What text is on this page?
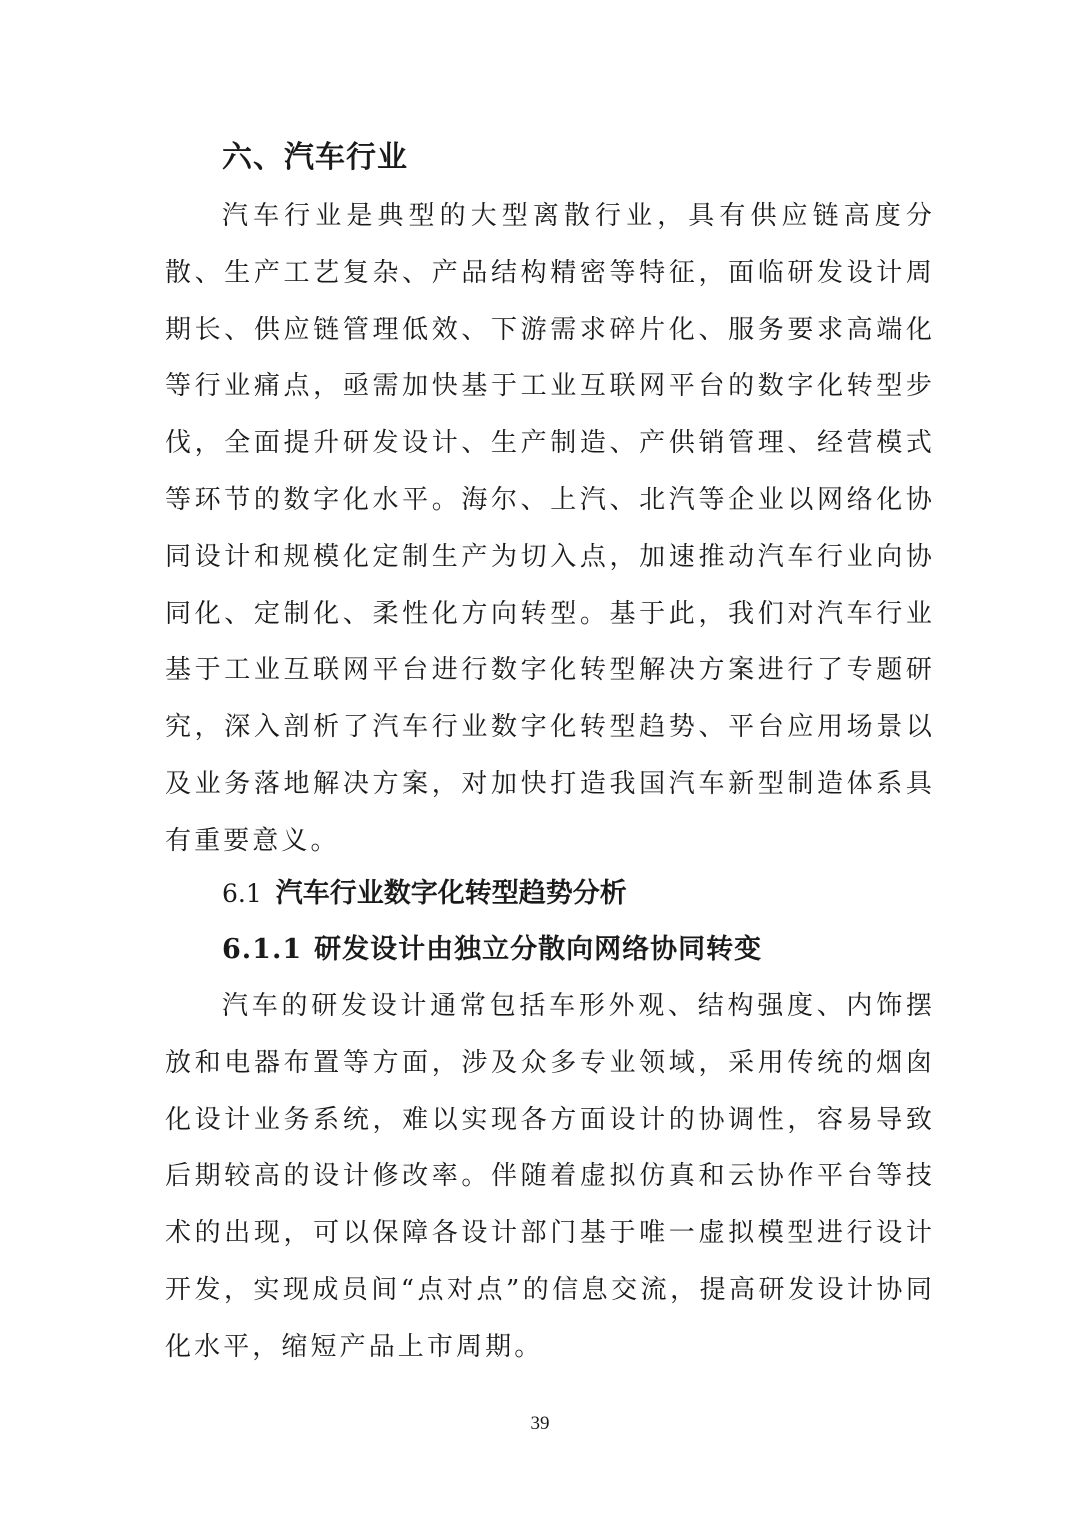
六、汽车行业

汽车行业是典型的大型离散行业，具有供应链高度分散、生产工艺复杂、产品结构精密等特征，面临研发设计周期长、供应链管理低效、下游需求碎片化、服务要求高端化等行业痛点，亟需加快基于工业互联网平台的数字化转型步伐，全面提升研发设计、生产制造、产供销管理、经营模式等环节的数字化水平。海尔、上汽、北汽等企业以网络化协同设计和规模化定制生产为切入点，加速推动汽车行业向协同化、定制化、柔性化方向转型。基于此，我们对汽车行业基于工业互联网平台进行数字化转型解决方案进行了专题研究，深入剖析了汽车行业数字化转型趋势、平台应用场景以及业务落地解决方案，对加快打造我国汽车新型制造体系具有重要意义。

6.1 汽车行业数字化转型趋势分析
6.1.1 研发设计由独立分散向网络协同转变

汽车的研发设计通常包括车形外观、结构强度、内饰摆放和电器布置等方面，涉及众多专业领域，采用传统的烟囱化设计业务系统，难以实现各方面设计的协调性，容易导致后期较高的设计修改率。伴随着虚拟仿真和云协作平台等技术的出现，可以保障各设计部门基于唯一虚拟模型进行设计开发，实现成员间“点对点”的信息交流，提高研发设计协同化水平，缩短产品上市周期。

39
